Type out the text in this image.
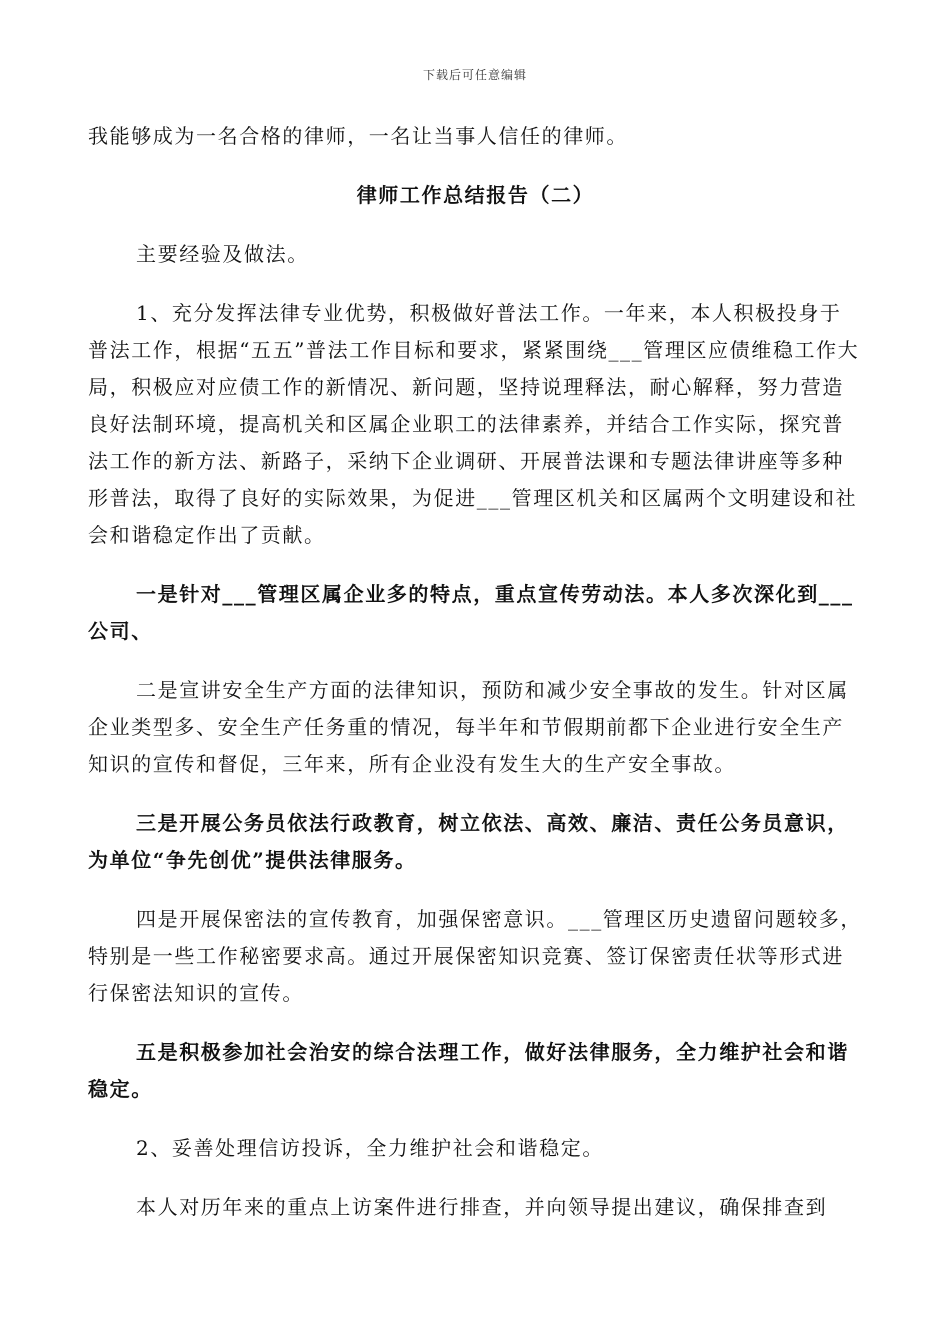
下载后可任意编辑

我能够成为一名合格的律师，一名让当事人信任的律师。

律师工作总结报告（二）

主要经验及做法。

1、充分发挥法律专业优势，积极做好普法工作。一年来，本人积极投身于普法工作，根据“五五”普法工作目标和要求，紧紧围绕___管理区应债维稳工作大局，积极应对应债工作的新情况、新问题，坚持说理释法，耐心解释，努力营造良好法制环境，提高机关和区属企业职工的法律素养，并结合工作实际，探究普法工作的新方法、新路子，采纳下企业调研、开展普法课和专题法律讲座等多种形普法，取得了良好的实际效果，为促进___管理区机关和区属两个文明建设和社会和谐稳定作出了贡献。

一是针对___管理区属企业多的特点，重点宣传劳动法。本人多次深化到___公司、

二是宣讲安全生产方面的法律知识，预防和减少安全事故的发生。针对区属企业类型多、安全生产任务重的情况，每半年和节假期前都下企业进行安全生产知识的宣传和督促，三年来，所有企业没有发生大的生产安全事故。

三是开展公务员依法行政教育，树立依法、高效、廉洁、责任公务员意识，为单位“争先创优”提供法律服务。

四是开展保密法的宣传教育，加强保密意识。___管理区历史遗留问题较多，特别是一些工作秘密要求高。通过开展保密知识竞赛、签订保密责任状等形式进行保密法知识的宣传。

五是积极参加社会治安的综合法理工作，做好法律服务，全力维护社会和谐稳定。

2、妥善处理信访投诉，全力维护社会和谐稳定。

本人对历年来的重点上访案件进行排查，并向领导提出建议，确保排查到
